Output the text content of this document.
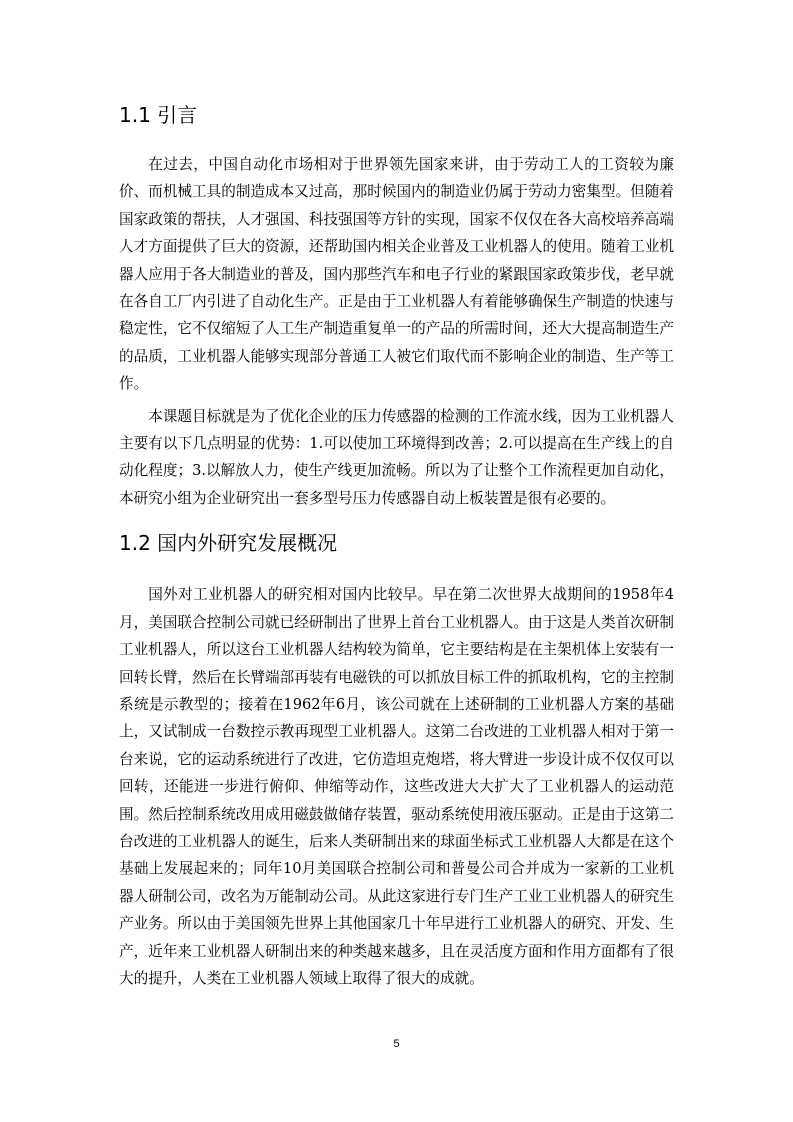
1.1 引言

在过去，中国自动化市场相对于世界领先国家来讲，由于劳动工人的工资较为廉价、而机械工具的制造成本又过高，那时候国内的制造业仍属于劳动力密集型。但随着国家政策的帮扶，人才强国、科技强国等方针的实现，国家不仅仅在各大高校培养高端人才方面提供了巨大的资源，还帮助国内相关企业普及工业机器人的使用。随着工业机器人应用于各大制造业的普及，国内那些汽车和电子行业的紧跟国家政策步伐，老早就在各自工厂内引进了自动化生产。正是由于工业机器人有着能够确保生产制造的快速与稳定性，它不仅缩短了人工生产制造重复单一的产品的所需时间，还大大提高制造生产的品质，工业机器人能够实现部分普通工人被它们取代而不影响企业的制造、生产等工作。

本课题目标就是为了优化企业的压力传感器的检测的工作流水线，因为工业机器人主要有以下几点明显的优势：1.可以使加工环境得到改善；2.可以提高在生产线上的自动化程度；3.以解放人力，使生产线更加流畅。所以为了让整个工作流程更加自动化，本研究小组为企业研究出一套多型号压力传感器自动上板装置是很有必要的。

1.2 国内外研究发展概况

国外对工业机器人的研究相对国内比较早。早在第二次世界大战期间的1958年4月，美国联合控制公司就已经研制出了世界上首台工业机器人。由于这是人类首次研制工业机器人，所以这台工业机器人结构较为简单，它主要结构是在主架机体上安装有一回转长臂，然后在长臂端部再装有电磁铁的可以抓放目标工件的抓取机构，它的主控制系统是示教型的；接着在1962年6月，该公司就在上述研制的工业机器人方案的基础上，又试制成一台数控示教再现型工业机器人。这第二台改进的工业机器人相对于第一台来说，它的运动系统进行了改进，它仿造坦克炮塔，将大臂进一步设计成不仅仅可以回转，还能进一步进行俯仰、伸缩等动作，这些改进大大扩大了工业机器人的运动范围。然后控制系统改用成用磁鼓做储存装置，驱动系统使用液压驱动。正是由于这第二台改进的工业机器人的诞生，后来人类研制出来的球面坐标式工业机器人大都是在这个基础上发展起来的；同年10月美国联合控制公司和普曼公司合并成为一家新的工业机器人研制公司，改名为万能制动公司。从此这家进行专门生产工业工业机器人的研究生产业务。所以由于美国领先世界上其他国家几十年早进行工业机器人的研究、开发、生产，近年来工业机器人研制出来的种类越来越多，且在灵活度方面和作用方面都有了很大的提升，人类在工业机器人领域上取得了很大的成就。

5
